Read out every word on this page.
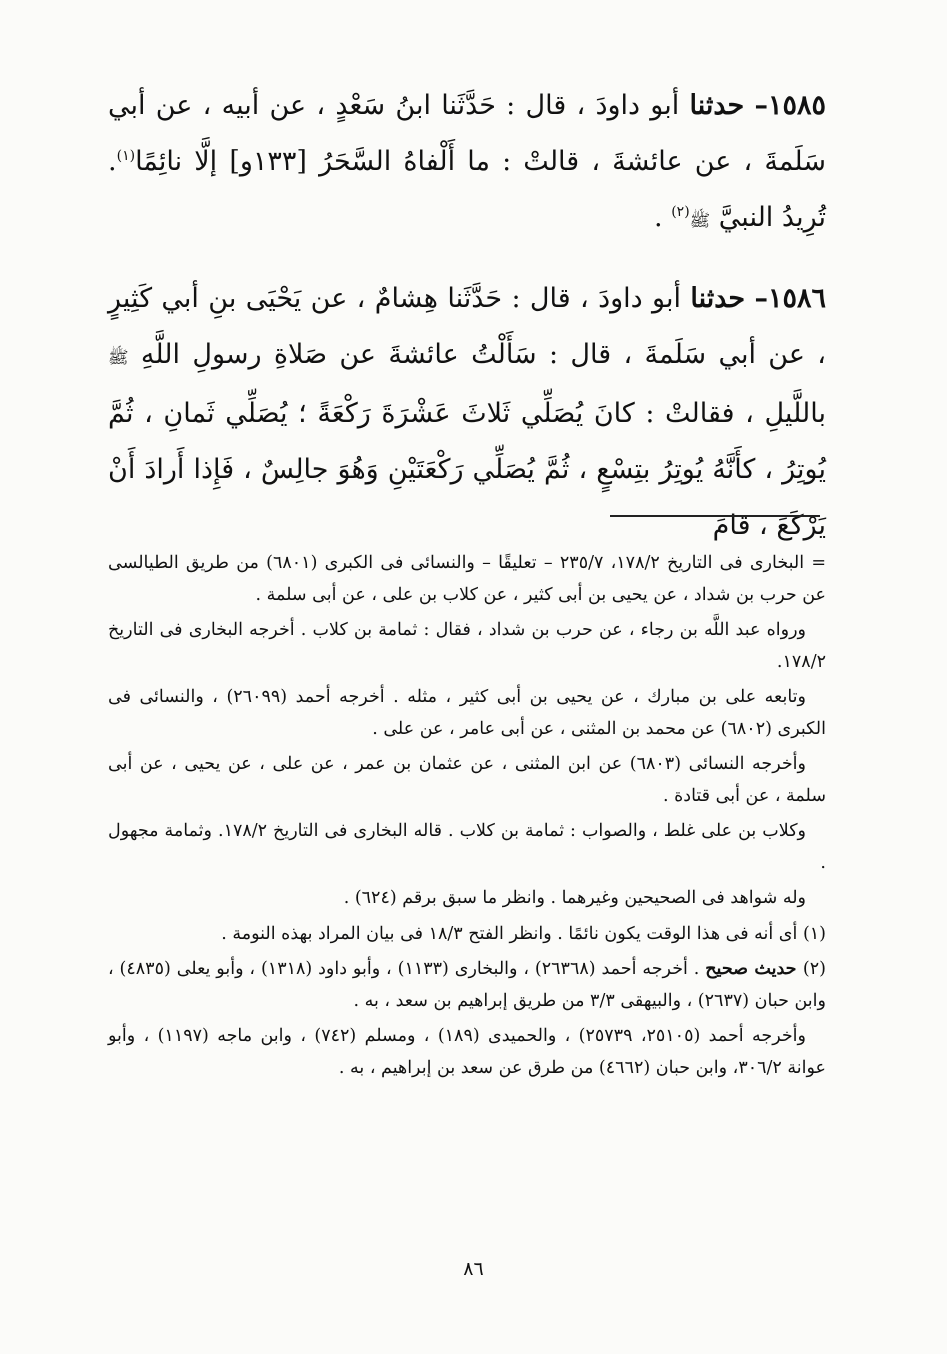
١٥٨٥– حدثنا أبو داودَ ، قال : حَدَّثَنا ابنُ سَعْدٍ ، عن أبيه ، عن أبي سَلَمةَ ، عن عائشةَ ، قالتْ : ما أَلْفاهُ السَّحَرُ [١٣٣و] إلَّا نائِمًا$^{(١)}$. تُرِيدُ النبيَّ ﷺ$^{(٢)}$ .

١٥٨٦– حدثنا أبو داودَ ، قال : حَدَّثَنا هِشامٌ ، عن يَحْيَى بنِ أبي كَثِيرٍ ، عن أبي سَلَمةَ ، قال : سَأَلْتُ عائشةَ عن صَلاةِ رسولِ اللَّهِ ﷺ باللَّيلِ ، فقالتْ : كانَ يُصَلِّي ثَلاثَ عَشْرَةَ رَكْعَةً ؛ يُصَلِّي ثَمانِ ، ثُمَّ يُوتِرُ ، كأَنَّهُ يُوتِرُ بتِسْعٍ ، ثُمَّ يُصَلِّي رَكْعَتَيْنِ وَهُوَ جالِسٌ ، فَإِذا أَرادَ أَنْ يَرْكَعَ ، قامَ

= البخارى فى التاريخ ١٧٨/٢، ٢٣٥/٧ – تعليقًا – والنسائى فى الكبرى (٦٨٠١) من طريق الطيالسى عن حرب بن شداد ، عن يحيى بن أبى كثير ، عن كلاب بن على ، عن أبى سلمة .

ورواه عبد اللَّه بن رجاء ، عن حرب بن شداد ، فقال : ثمامة بن كلاب . أخرجه البخارى فى التاريخ ١٧٨/٢.

وتابعه على بن مبارك ، عن يحيى بن أبى كثير ، مثله . أخرجه أحمد (٢٦٠٩٩) ، والنسائى فى الكبرى (٦٨٠٢) عن محمد بن المثنى ، عن أبى عامر ، عن على .

وأخرجه النسائى (٦٨٠٣) عن ابن المثنى ، عن عثمان بن عمر ، عن على ، عن يحيى ، عن أبى سلمة ، عن أبى قتادة .

وكلاب بن على غلط ، والصواب : ثمامة بن كلاب . قاله البخارى فى التاريخ ١٧٨/٢. وثمامة مجهول .

وله شواهد فى الصحيحين وغيرهما . وانظر ما سبق برقم (٦٢٤) .

(١) أى أنه فى هذا الوقت يكون نائمًا . وانظر الفتح ١٨/٣ فى بيان المراد بهذه النومة .

(٢) حديث صحيح . أخرجه أحمد (٢٦٣٦٨) ، والبخارى (١١٣٣) ، وأبو داود (١٣١٨) ، وأبو يعلى (٤٨٣٥) ، وابن حبان (٢٦٣٧) ، والبيهقى ٣/٣ من طريق إبراهيم بن سعد ، به .

وأخرجه أحمد (٢٥١٠٥، ٢٥٧٣٩) ، والحميدى (١٨٩) ، ومسلم (٧٤٢) ، وابن ماجه (١١٩٧) ، وأبو عوانة ٣٠٦/٢، وابن حبان (٤٦٦٢) من طرق عن سعد بن إبراهيم ، به .

٨٦
